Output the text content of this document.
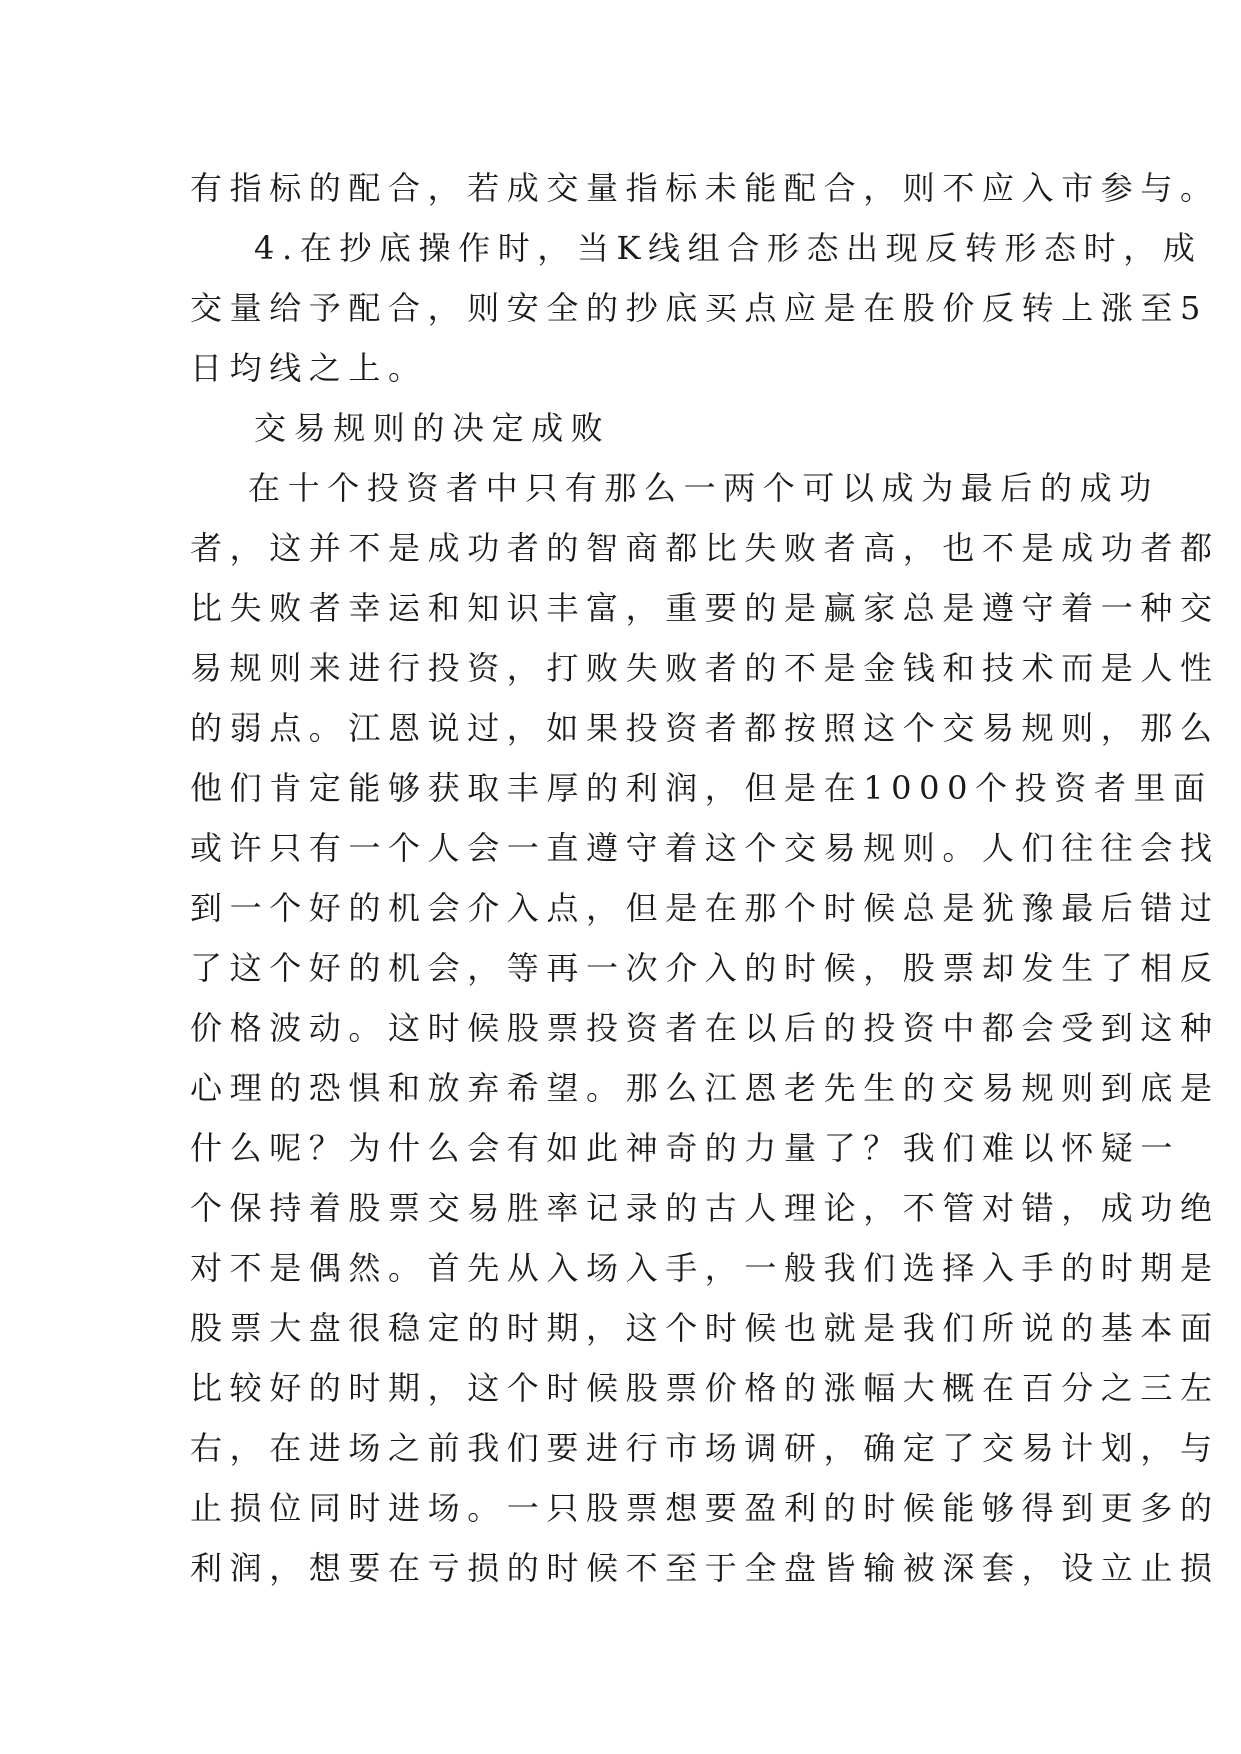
有指标的配合，若成交量指标未能配合，则不应入市参与。
4.在抄底操作时，当K线组合形态出现反转形态时，成
交量给予配合，则安全的抄底买点应是在股价反转上涨至5
日均线之上。
交易规则的决定成败
在十个投资者中只有那么一两个可以成为最后的成功
者，这并不是成功者的智商都比失败者高，也不是成功者都
比失败者幸运和知识丰富，重要的是赢家总是遵守着一种交
易规则来进行投资，打败失败者的不是金钱和技术而是人性
的弱点。江恩说过，如果投资者都按照这个交易规则，那么
他们肯定能够获取丰厚的利润，但是在1000个投资者里面
或许只有一个人会一直遵守着这个交易规则。人们往往会找
到一个好的机会介入点，但是在那个时候总是犹豫最后错过
了这个好的机会，等再一次介入的时候，股票却发生了相反
价格波动。这时候股票投资者在以后的投资中都会受到这种
心理的恐惧和放弃希望。那么江恩老先生的交易规则到底是
什么呢？为什么会有如此神奇的力量了？我们难以怀疑一
个保持着股票交易胜率记录的古人理论，不管对错，成功绝
对不是偶然。首先从入场入手，一般我们选择入手的时期是
股票大盘很稳定的时期，这个时候也就是我们所说的基本面
比较好的时期，这个时候股票价格的涨幅大概在百分之三左
右，在进场之前我们要进行市场调研，确定了交易计划，与
止损位同时进场。一只股票想要盈利的时候能够得到更多的
利润，想要在亏损的时候不至于全盘皆输被深套，设立止损
